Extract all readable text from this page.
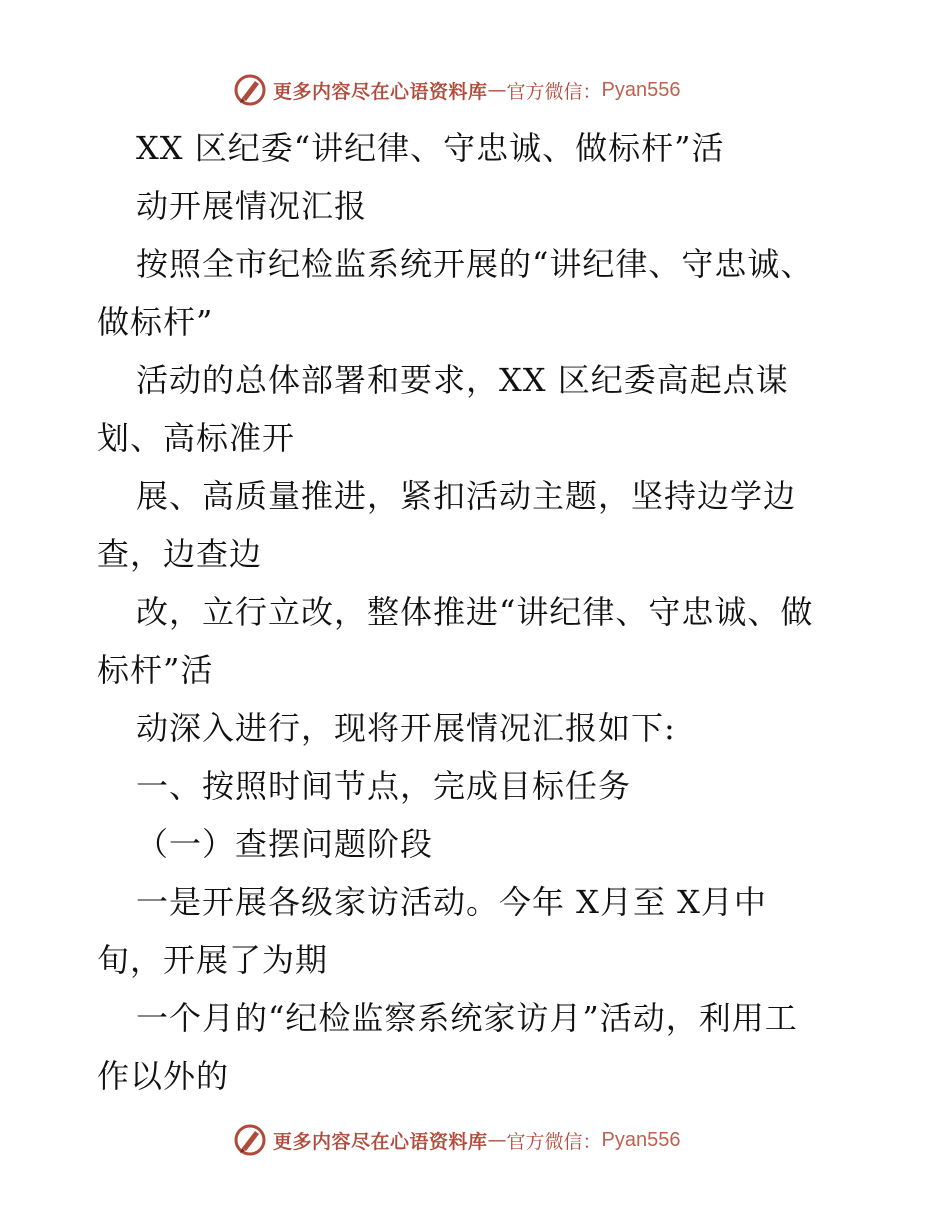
更多内容尽在心语资料库 — 官方微信： Pyan556
XX 区纪委“讲纪律、守忠诚、做标杆”活
动开展情况汇报
按照全市纪检监系统开展的“讲纪律、守忠诚、
做标杆”
活动的总体部署和要求，XX 区纪委高起点谋
划、高标准开
展、高质量推进，紧扣活动主题，坚持边学边
查，边查边
改，立行立改，整体推进“讲纪律、守忠诚、做
标杆”活
动深入进行，现将开展情况汇报如下:
一、按照时间节点，完成目标任务
（一）查摆问题阶段
一是开展各级家访活动。今年 X月至 X月中
旬，开展了为期
一个月的“纪检监察系统家访月”活动，利用工
作以外的
更多内容尽在心语资料库 — 官方微信： Pyan556
